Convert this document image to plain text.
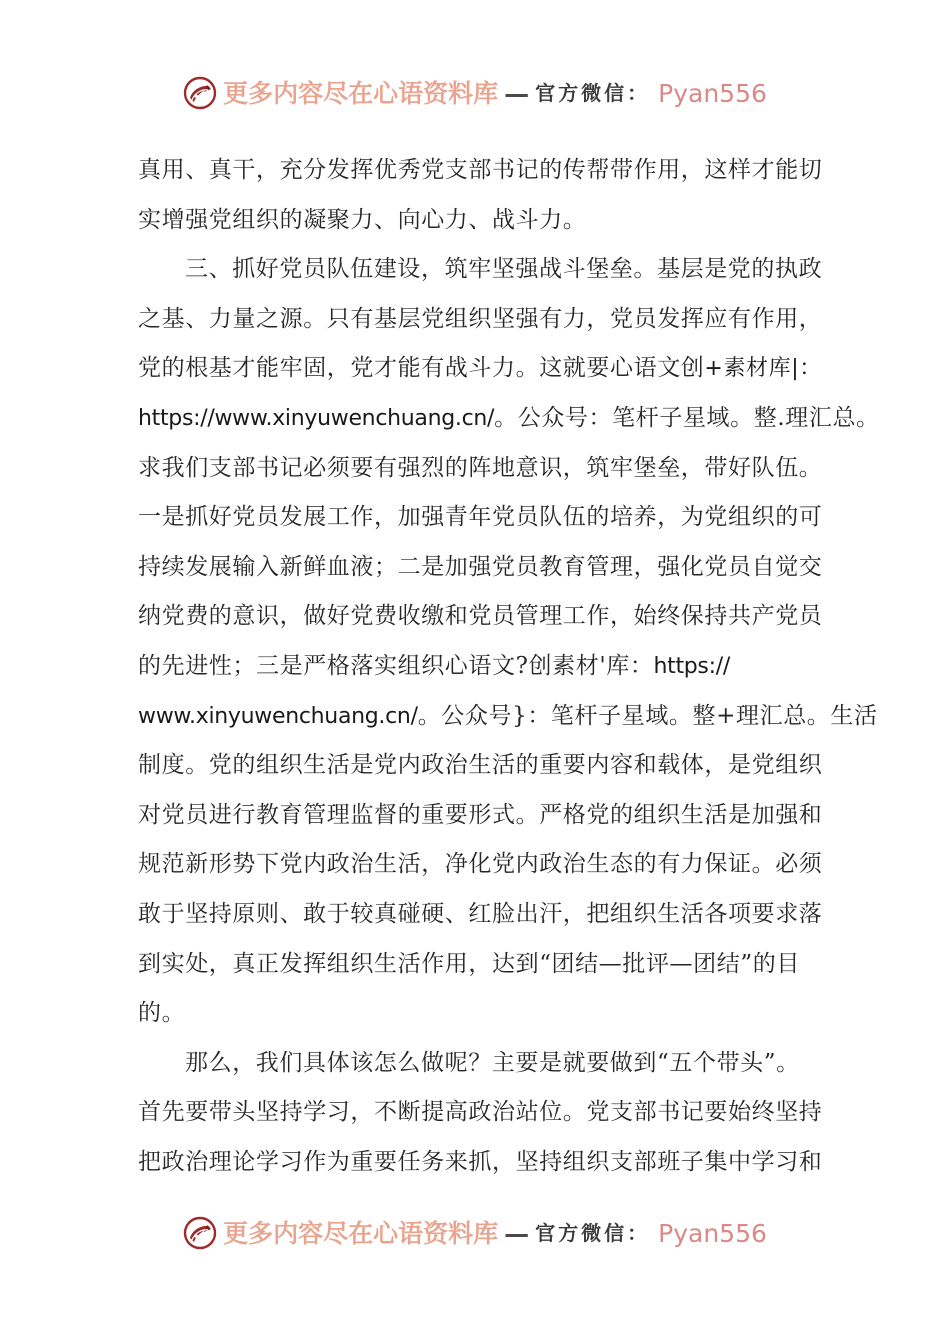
更多内容尽在心语资料库 — 官方微信： Pyan556
真用、真干，充分发挥优秀党支部书记的传帮带作用，这样才能切
实增强党组织的凝聚力、向心力、战斗力。
三、抓好党员队伍建设，筑牢坚强战斗堡垒。基层是党的执政
之基、力量之源。只有基层党组织坚强有力，党员发挥应有作用，
党的根基才能牢固，党才能有战斗力。这就要心语文创+素材库|：
https://www.xinyuwenchuang.cn/。公众号：笔杆子星域。整.理汇总。
求我们支部书记必须要有强烈的阵地意识，筑牢堡垒，带好队伍。
一是抓好党员发展工作，加强青年党员队伍的培养，为党组织的可
持续发展输入新鲜血液；二是加强党员教育管理，强化党员自觉交
纳党费的意识，做好党费收缴和党员管理工作，始终保持共产党员
的先进性；三是严格落实组织心语文?创素材'库：https://
www.xinyuwenchuang.cn/。公众号}：笔杆子星域。整+理汇总。生活
制度。党的组织生活是党内政治生活的重要内容和载体，是党组织
对党员进行教育管理监督的重要形式。严格党的组织生活是加强和
规范新形势下党内政治生活，净化党内政治生态的有力保证。必须
敢于坚持原则、敢于较真碰硬、红脸出汗，把组织生活各项要求落
到实处，真正发挥组织生活作用，达到“团结—批评—团结”的目
的。
那么，我们具体该怎么做呢？主要是就要做到“五个带头”。
首先要带头坚持学习，不断提高政治站位。党支部书记要始终坚持
把政治理论学习作为重要任务来抓，坚持组织支部班子集中学习和
更多内容尽在心语资料库 — 官方微信： Pyan556
